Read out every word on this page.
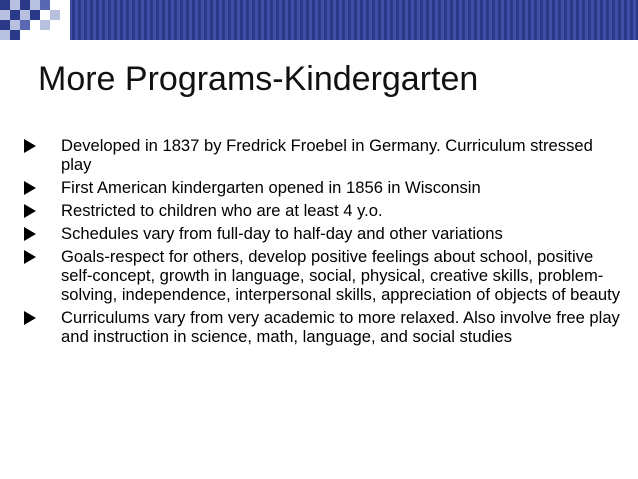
More Programs-Kindergarten
Developed in 1837 by Fredrick Froebel in Germany. Curriculum stressed play
First American kindergarten opened in 1856 in Wisconsin
Restricted to children who are at least 4 y.o.
Schedules vary from full-day to half-day and other variations
Goals-respect for others, develop positive feelings about school, positive self-concept, growth in language, social, physical, creative skills, problem-solving, independence, interpersonal skills, appreciation of objects of beauty
Curriculums vary from very academic to more relaxed. Also involve free play and instruction in science, math, language, and social studies
